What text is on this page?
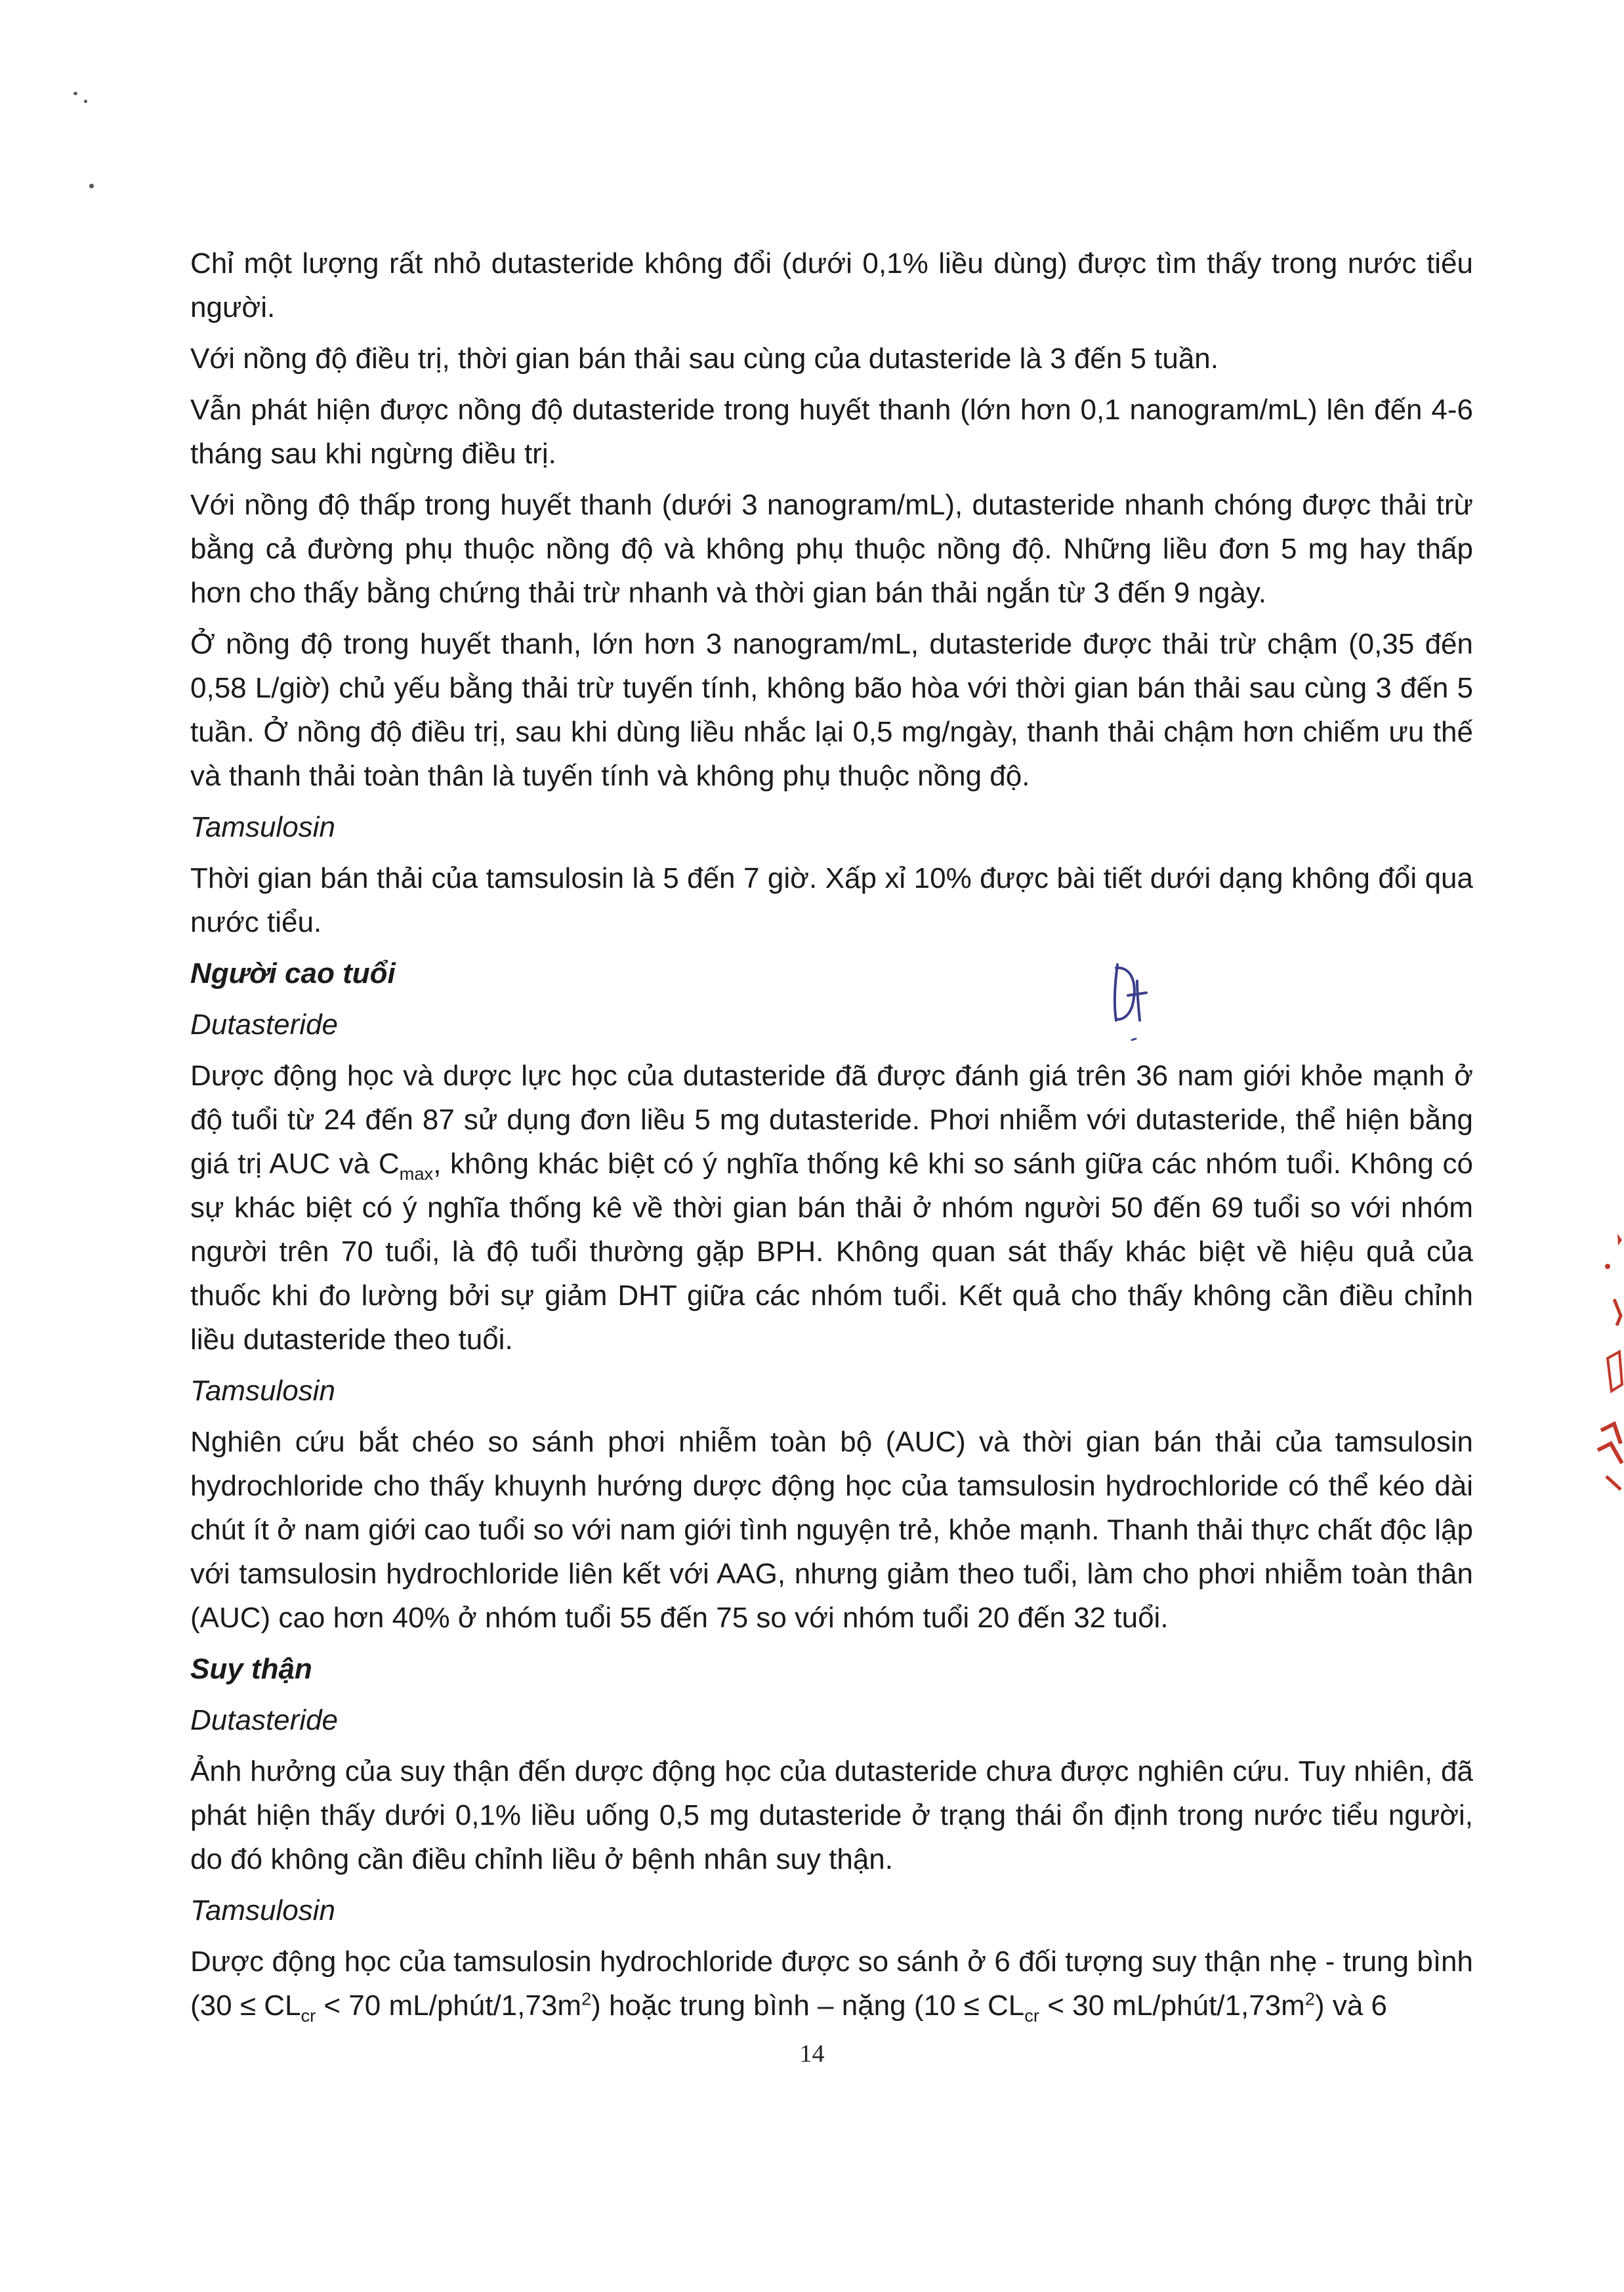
Chỉ một lượng rất nhỏ dutasteride không đổi (dưới 0,1% liều dùng) được tìm thấy trong nước tiểu người.

Với nồng độ điều trị, thời gian bán thải sau cùng của dutasteride là 3 đến 5 tuần.

Vẫn phát hiện được nồng độ dutasteride trong huyết thanh (lớn hơn 0,1 nanogram/mL) lên đến 4-6 tháng sau khi ngừng điều trị.

Với nồng độ thấp trong huyết thanh (dưới 3 nanogram/mL), dutasteride nhanh chóng được thải trừ bằng cả đường phụ thuộc nồng độ và không phụ thuộc nồng độ. Những liều đơn 5 mg hay thấp hơn cho thấy bằng chứng thải trừ nhanh và thời gian bán thải ngắn từ 3 đến 9 ngày.

Ở nồng độ trong huyết thanh, lớn hơn 3 nanogram/mL, dutasteride được thải trừ chậm (0,35 đến 0,58 L/giờ) chủ yếu bằng thải trừ tuyến tính, không bão hòa với thời gian bán thải sau cùng 3 đến 5 tuần. Ở nồng độ điều trị, sau khi dùng liều nhắc lại 0,5 mg/ngày, thanh thải chậm hơn chiếm ưu thế và thanh thải toàn thân là tuyến tính và không phụ thuộc nồng độ.

Tamsulosin

Thời gian bán thải của tamsulosin là 5 đến 7 giờ. Xấp xỉ 10% được bài tiết dưới dạng không đổi qua nước tiểu.

Người cao tuổi

Dutasteride

Dược động học và dược lực học của dutasteride đã được đánh giá trên 36 nam giới khỏe mạnh ở độ tuổi từ 24 đến 87 sử dụng đơn liều 5 mg dutasteride. Phơi nhiễm với dutasteride, thể hiện bằng giá trị AUC và $C_{max}$, không khác biệt có ý nghĩa thống kê khi so sánh giữa các nhóm tuổi. Không có sự khác biệt có ý nghĩa thống kê về thời gian bán thải ở nhóm người 50 đến 69 tuổi so với nhóm người trên 70 tuổi, là độ tuổi thường gặp BPH. Không quan sát thấy khác biệt về hiệu quả của thuốc khi đo lường bởi sự giảm DHT giữa các nhóm tuổi. Kết quả cho thấy không cần điều chỉnh liều dutasteride theo tuổi.

Tamsulosin

Nghiên cứu bắt chéo so sánh phơi nhiễm toàn bộ (AUC) và thời gian bán thải của tamsulosin hydrochloride cho thấy khuynh hướng dược động học của tamsulosin hydrochloride có thể kéo dài chút ít ở nam giới cao tuổi so với nam giới tình nguyện trẻ, khỏe mạnh. Thanh thải thực chất độc lập với tamsulosin hydrochloride liên kết với AAG, nhưng giảm theo tuổi, làm cho phơi nhiễm toàn thân (AUC) cao hơn 40% ở nhóm tuổi 55 đến 75 so với nhóm tuổi 20 đến 32 tuổi.

Suy thận

Dutasteride

Ảnh hưởng của suy thận đến dược động học của dutasteride chưa được nghiên cứu. Tuy nhiên, đã phát hiện thấy dưới 0,1% liều uống 0,5 mg dutasteride ở trạng thái ổn định trong nước tiểu người, do đó không cần điều chỉnh liều ở bệnh nhân suy thận.

Tamsulosin

Dược động học của tamsulosin hydrochloride được so sánh ở 6 đối tượng suy thận nhẹ - trung bình ($30 \le CL_{cr} < 70$ $mL/phút/1,73m^2$) hoặc trung bình – nặng ($10 \le CL_{cr} < 30$ $mL/phút/1,73m^2$) và 6

14
